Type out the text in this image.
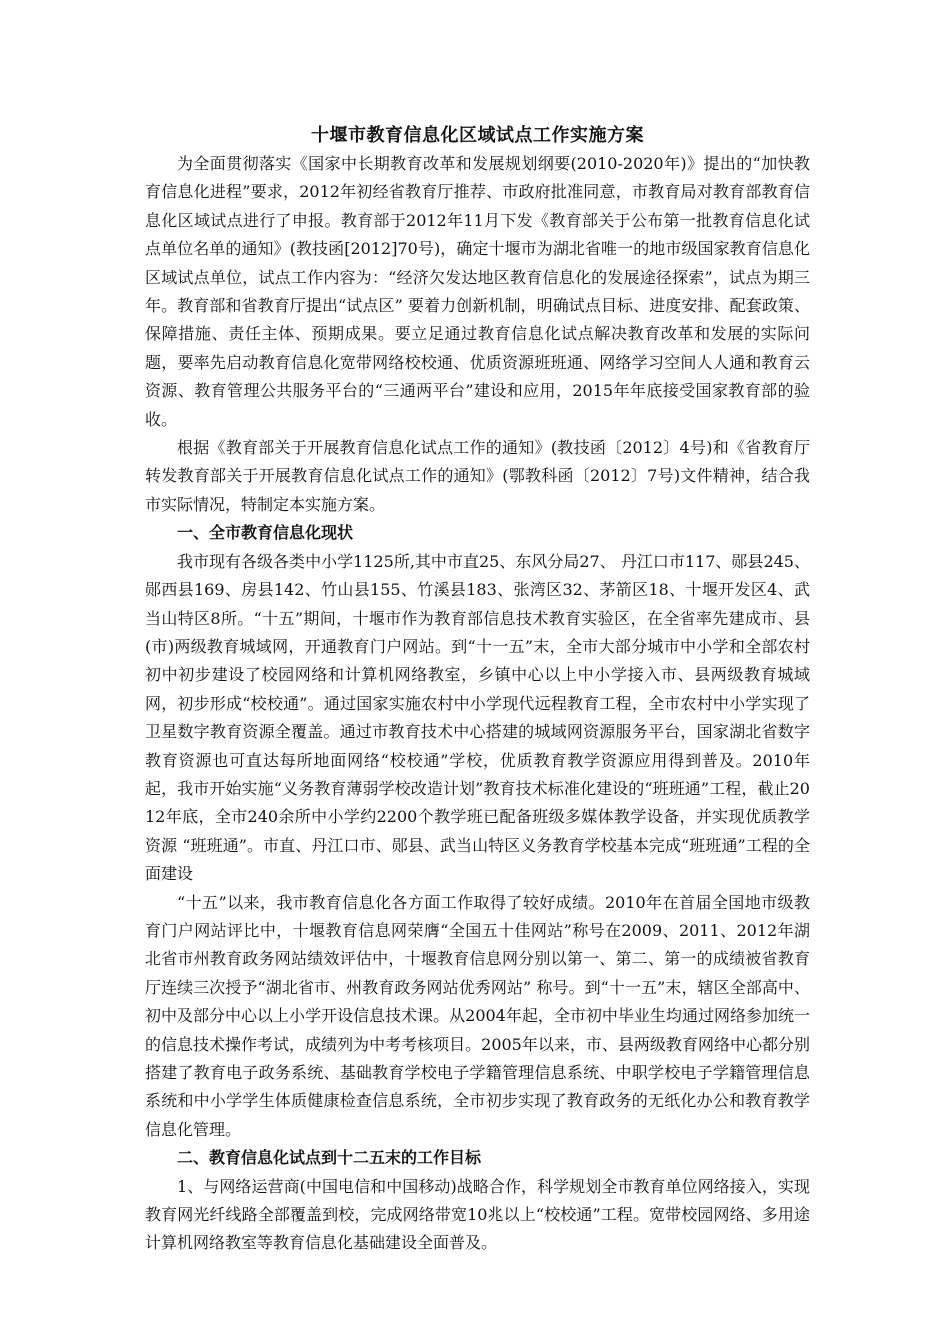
十堰市教育信息化区域试点工作实施方案

为全面贯彻落实《国家中长期教育改革和发展规划纲要(2010-2020年)》提出的“加快教育信息化进程”要求，2012年初经省教育厅推荐、市政府批准同意，市教育局对教育部教育信息化区域试点进行了申报。教育部于2012年11月下发《教育部关于公布第一批教育信息化试点单位名单的通知》(教技函[2012]70号)，确定十堰市为湖北省唯一的地市级国家教育信息化区域试点单位，试点工作内容为：“经济欠发达地区教育信息化的发展途径探索”，试点为期三年。教育部和省教育厅提出“试点区” 要着力创新机制，明确试点目标、进度安排、配套政策、保障措施、责任主体、预期成果。要立足通过教育信息化试点解决教育改革和发展的实际问题，要率先启动教育信息化宽带网络校校通、优质资源班班通、网络学习空间人人通和教育云资源、教育管理公共服务平台的“三通两平台”建设和应用，2015年年底接受国家教育部的验收。

根据《教育部关于开展教育信息化试点工作的通知》(教技函〔2012〕4号)和《省教育厅转发教育部关于开展教育信息化试点工作的通知》(鄂教科函〔2012〕7号)文件精神，结合我市实际情况，特制定本实施方案。

一、全市教育信息化现状

我市现有各级各类中小学1125所,其中市直25、东风分局27、 丹江口市117、郧县245、郧西县169、房县142、竹山县155、竹溪县183、张湾区32、茅箭区18、十堰开发区4、武当山特区8所。“十五”期间，十堰市作为教育部信息技术教育实验区，在全省率先建成市、县(市)两级教育城域网，开通教育门户网站。到“十一五”末，全市大部分城市中小学和全部农村初中初步建设了校园网络和计算机网络教室，乡镇中心以上中小学接入市、县两级教育城域网，初步形成“校校通”。通过国家实施农村中小学现代远程教育工程，全市农村中小学实现了卫星数字教育资源全覆盖。通过市教育技术中心搭建的城域网资源服务平台，国家湖北省数字教育资源也可直达每所地面网络“校校通”学校，优质教育教学资源应用得到普及。2010年起，我市开始实施“义务教育薄弱学校改造计划”教育技术标准化建设的“班班通”工程，截止2012年底，全市240余所中小学约2200个教学班已配备班级多媒体教学设备，并实现优质教学资源 “班班通”。市直、丹江口市、郧县、武当山特区义务教育学校基本完成“班班通”工程的全面建设

“十五”以来，我市教育信息化各方面工作取得了较好成绩。2010年在首届全国地市级教育门户网站评比中，十堰教育信息网荣膺“全国五十佳网站”称号在2009、2011、2012年湖北省市州教育政务网站绩效评估中，十堰教育信息网分别以第一、第二、第一的成绩被省教育厅连续三次授予“湖北省市、州教育政务网站优秀网站” 称号。到“十一五”末，辖区全部高中、初中及部分中心以上小学开设信息技术课。从2004年起，全市初中毕业生均通过网络参加统一的信息技术操作考试，成绩列为中考考核项目。2005年以来，市、县两级教育网络中心都分别搭建了教育电子政务系统、基础教育学校电子学籍管理信息系统、中职学校电子学籍管理信息系统和中小学学生体质健康检查信息系统，全市初步实现了教育政务的无纸化办公和教育教学信息化管理。

二、教育信息化试点到十二五末的工作目标

1、与网络运营商(中国电信和中国移动)战略合作，科学规划全市教育单位网络接入，实现教育网光纤线路全部覆盖到校，完成网络带宽10兆以上“校校通”工程。宽带校园网络、多用途计算机网络教室等教育信息化基础建设全面普及。
